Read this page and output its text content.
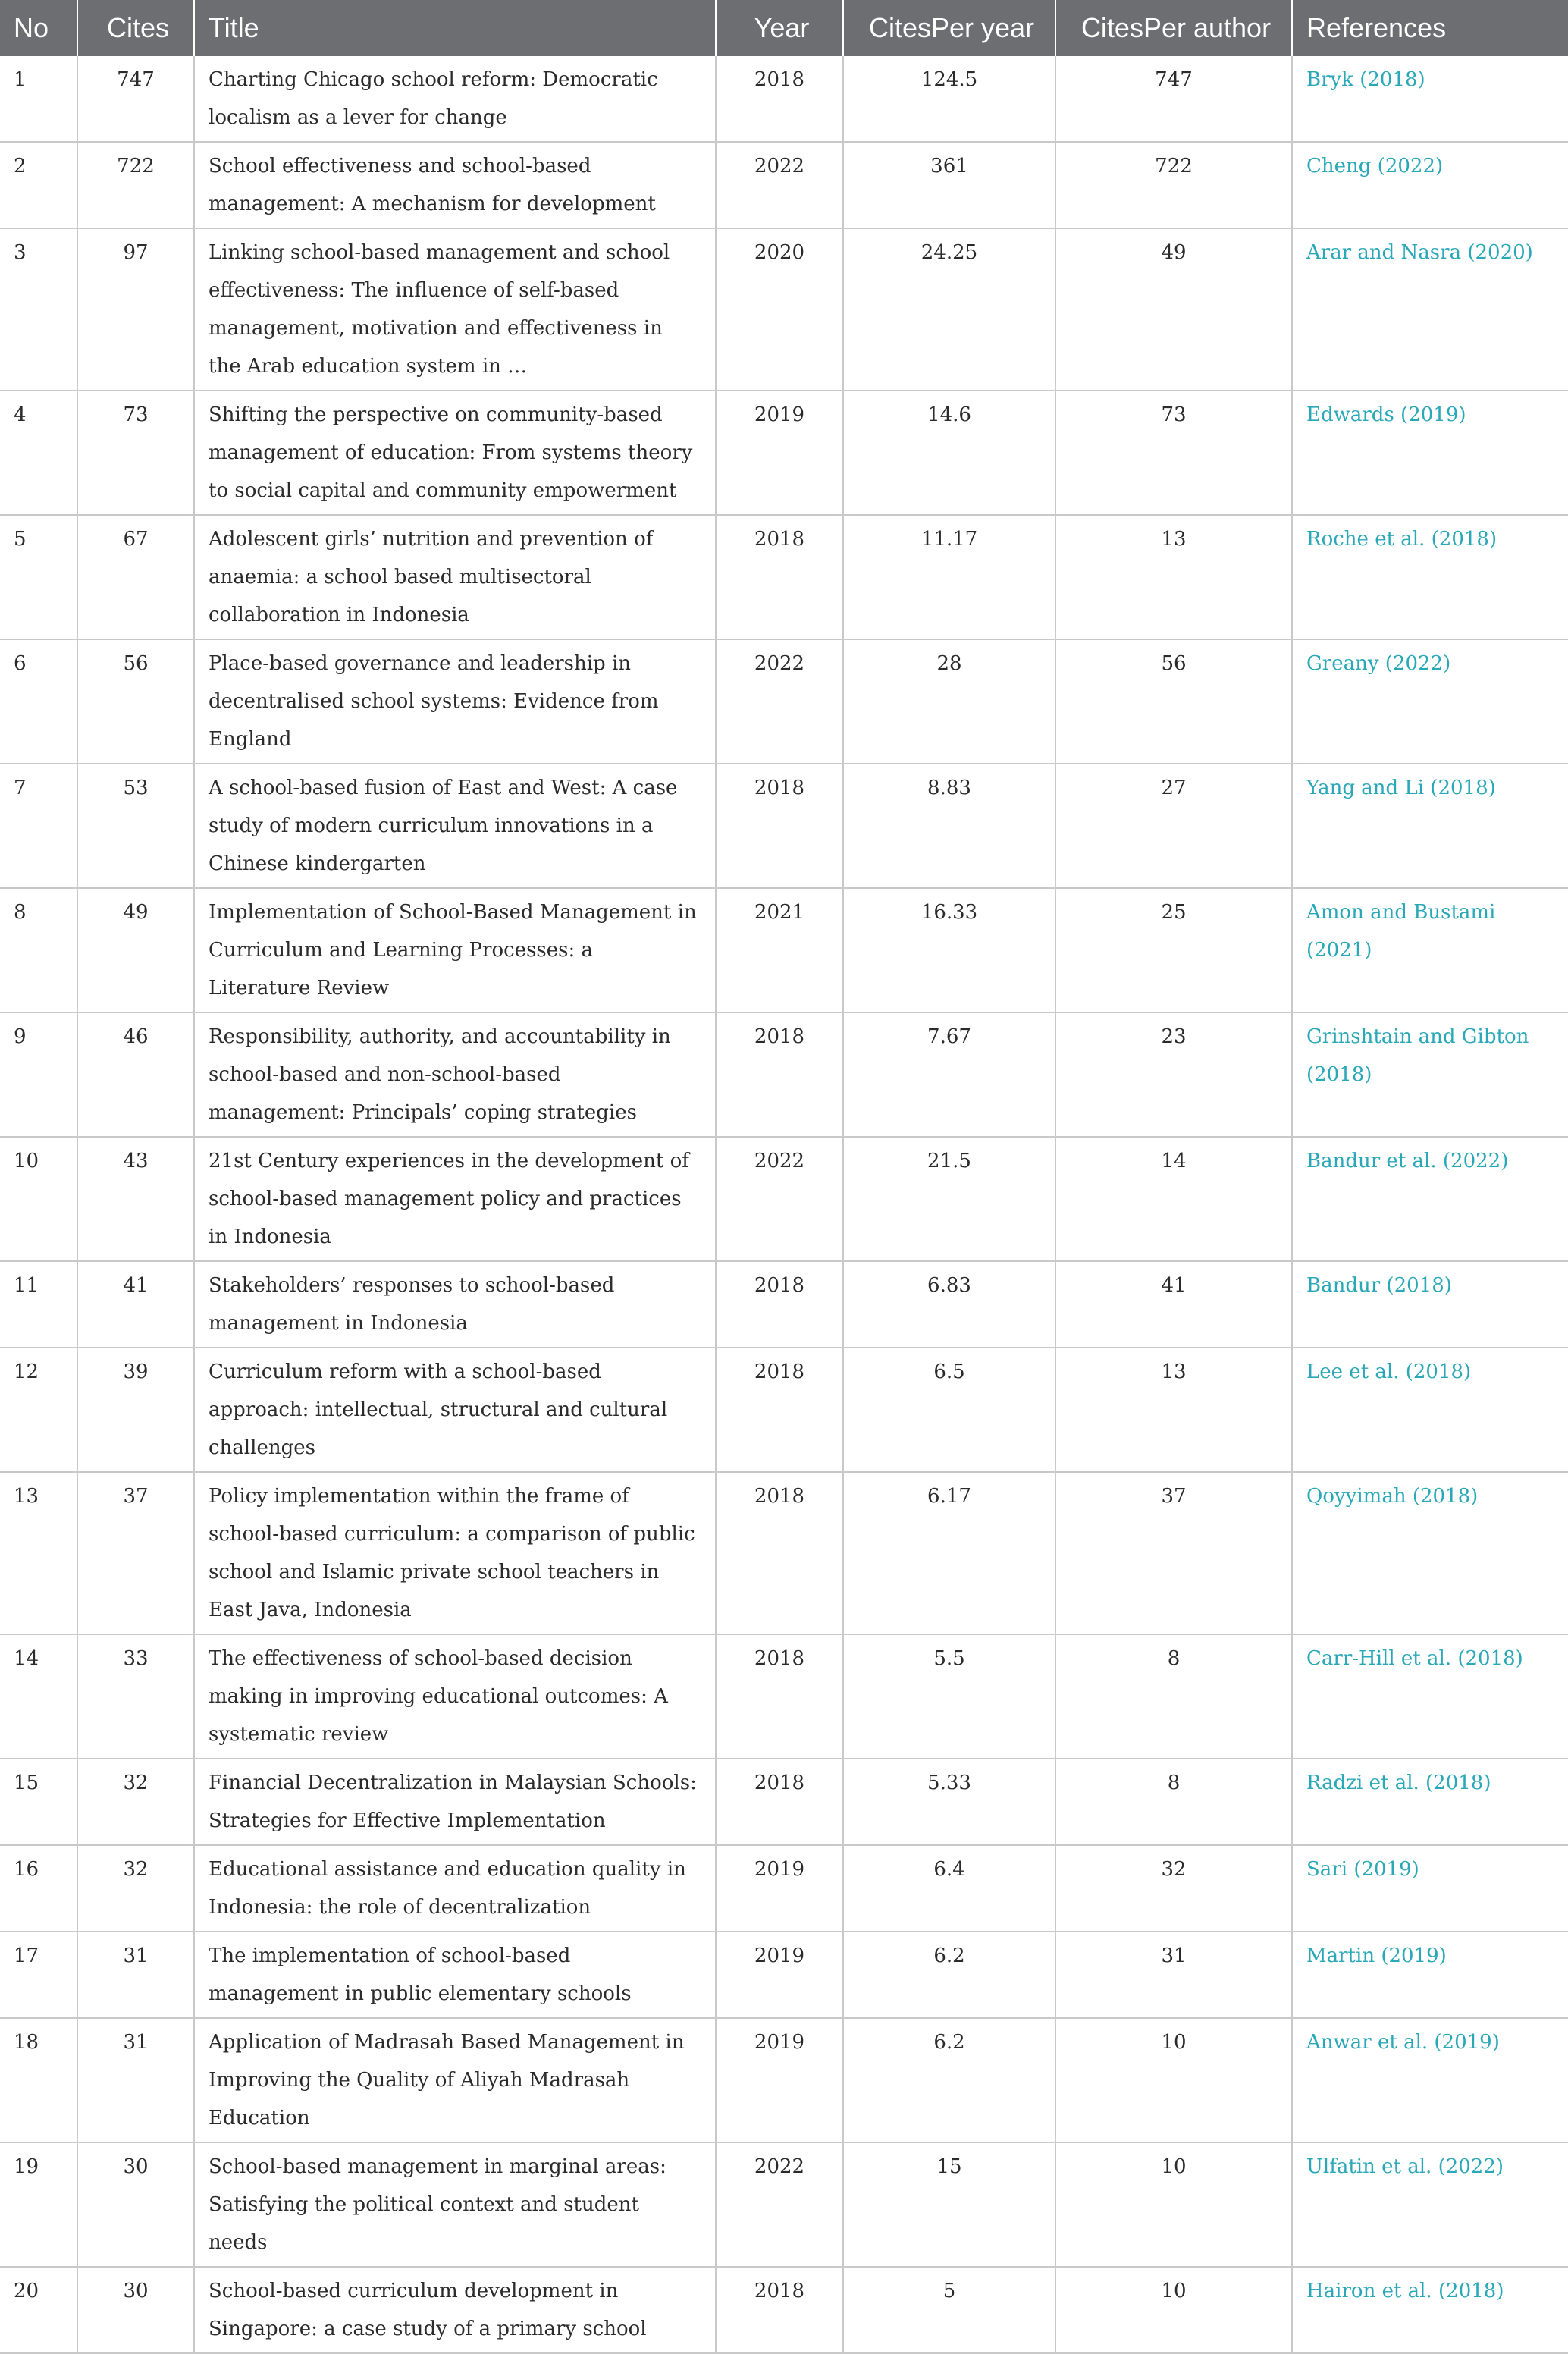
No	Cites	Title	Year	CitesPer year	CitesPer author	References
1	747	Charting Chicago school reform: Democratic localism as a lever for change	2018	124.5	747	Bryk (2018)
2	722	School effectiveness and school-based management: A mechanism for development	2022	361	722	Cheng (2022)
3	97	Linking school-based management and school effectiveness: The influence of self-based management, motivation and effectiveness in the Arab education system in …	2020	24.25	49	Arar and Nasra (2020)
4	73	Shifting the perspective on community-based management of education: From systems theory to social capital and community empowerment	2019	14.6	73	Edwards (2019)
5	67	Adolescent girls’ nutrition and prevention of anaemia: a school based multisectoral collaboration in Indonesia	2018	11.17	13	Roche et al. (2018)
6	56	Place-based governance and leadership in decentralised school systems: Evidence from England	2022	28	56	Greany (2022)
7	53	A school-based fusion of East and West: A case study of modern curriculum innovations in a Chinese kindergarten	2018	8.83	27	Yang and Li (2018)
8	49	Implementation of School-Based Management in Curriculum and Learning Processes: a Literature Review	2021	16.33	25	Amon and Bustami (2021)
9	46	Responsibility, authority, and accountability in school-based and non-school-based management: Principals’ coping strategies	2018	7.67	23	Grinshtain and Gibton (2018)
10	43	21st Century experiences in the development of school-based management policy and practices in Indonesia	2022	21.5	14	Bandur et al. (2022)
11	41	Stakeholders’ responses to school-based management in Indonesia	2018	6.83	41	Bandur (2018)
12	39	Curriculum reform with a school-based approach: intellectual, structural and cultural challenges	2018	6.5	13	Lee et al. (2018)
13	37	Policy implementation within the frame of school-based curriculum: a comparison of public school and Islamic private school teachers in East Java, Indonesia	2018	6.17	37	Qoyyimah (2018)
14	33	The effectiveness of school-based decision making in improving educational outcomes: A systematic review	2018	5.5	8	Carr-Hill et al. (2018)
15	32	Financial Decentralization in Malaysian Schools: Strategies for Effective Implementation	2018	5.33	8	Radzi et al. (2018)
16	32	Educational assistance and education quality in Indonesia: the role of decentralization	2019	6.4	32	Sari (2019)
17	31	The implementation of school-based management in public elementary schools	2019	6.2	31	Martin (2019)
18	31	Application of Madrasah Based Management in Improving the Quality of Aliyah Madrasah Education	2019	6.2	10	Anwar et al. (2019)
19	30	School-based management in marginal areas: Satisfying the political context and student needs	2022	15	10	Ulfatin et al. (2022)
20	30	School-based curriculum development in Singapore: a case study of a primary school	2018	5	10	Hairon et al. (2018)
